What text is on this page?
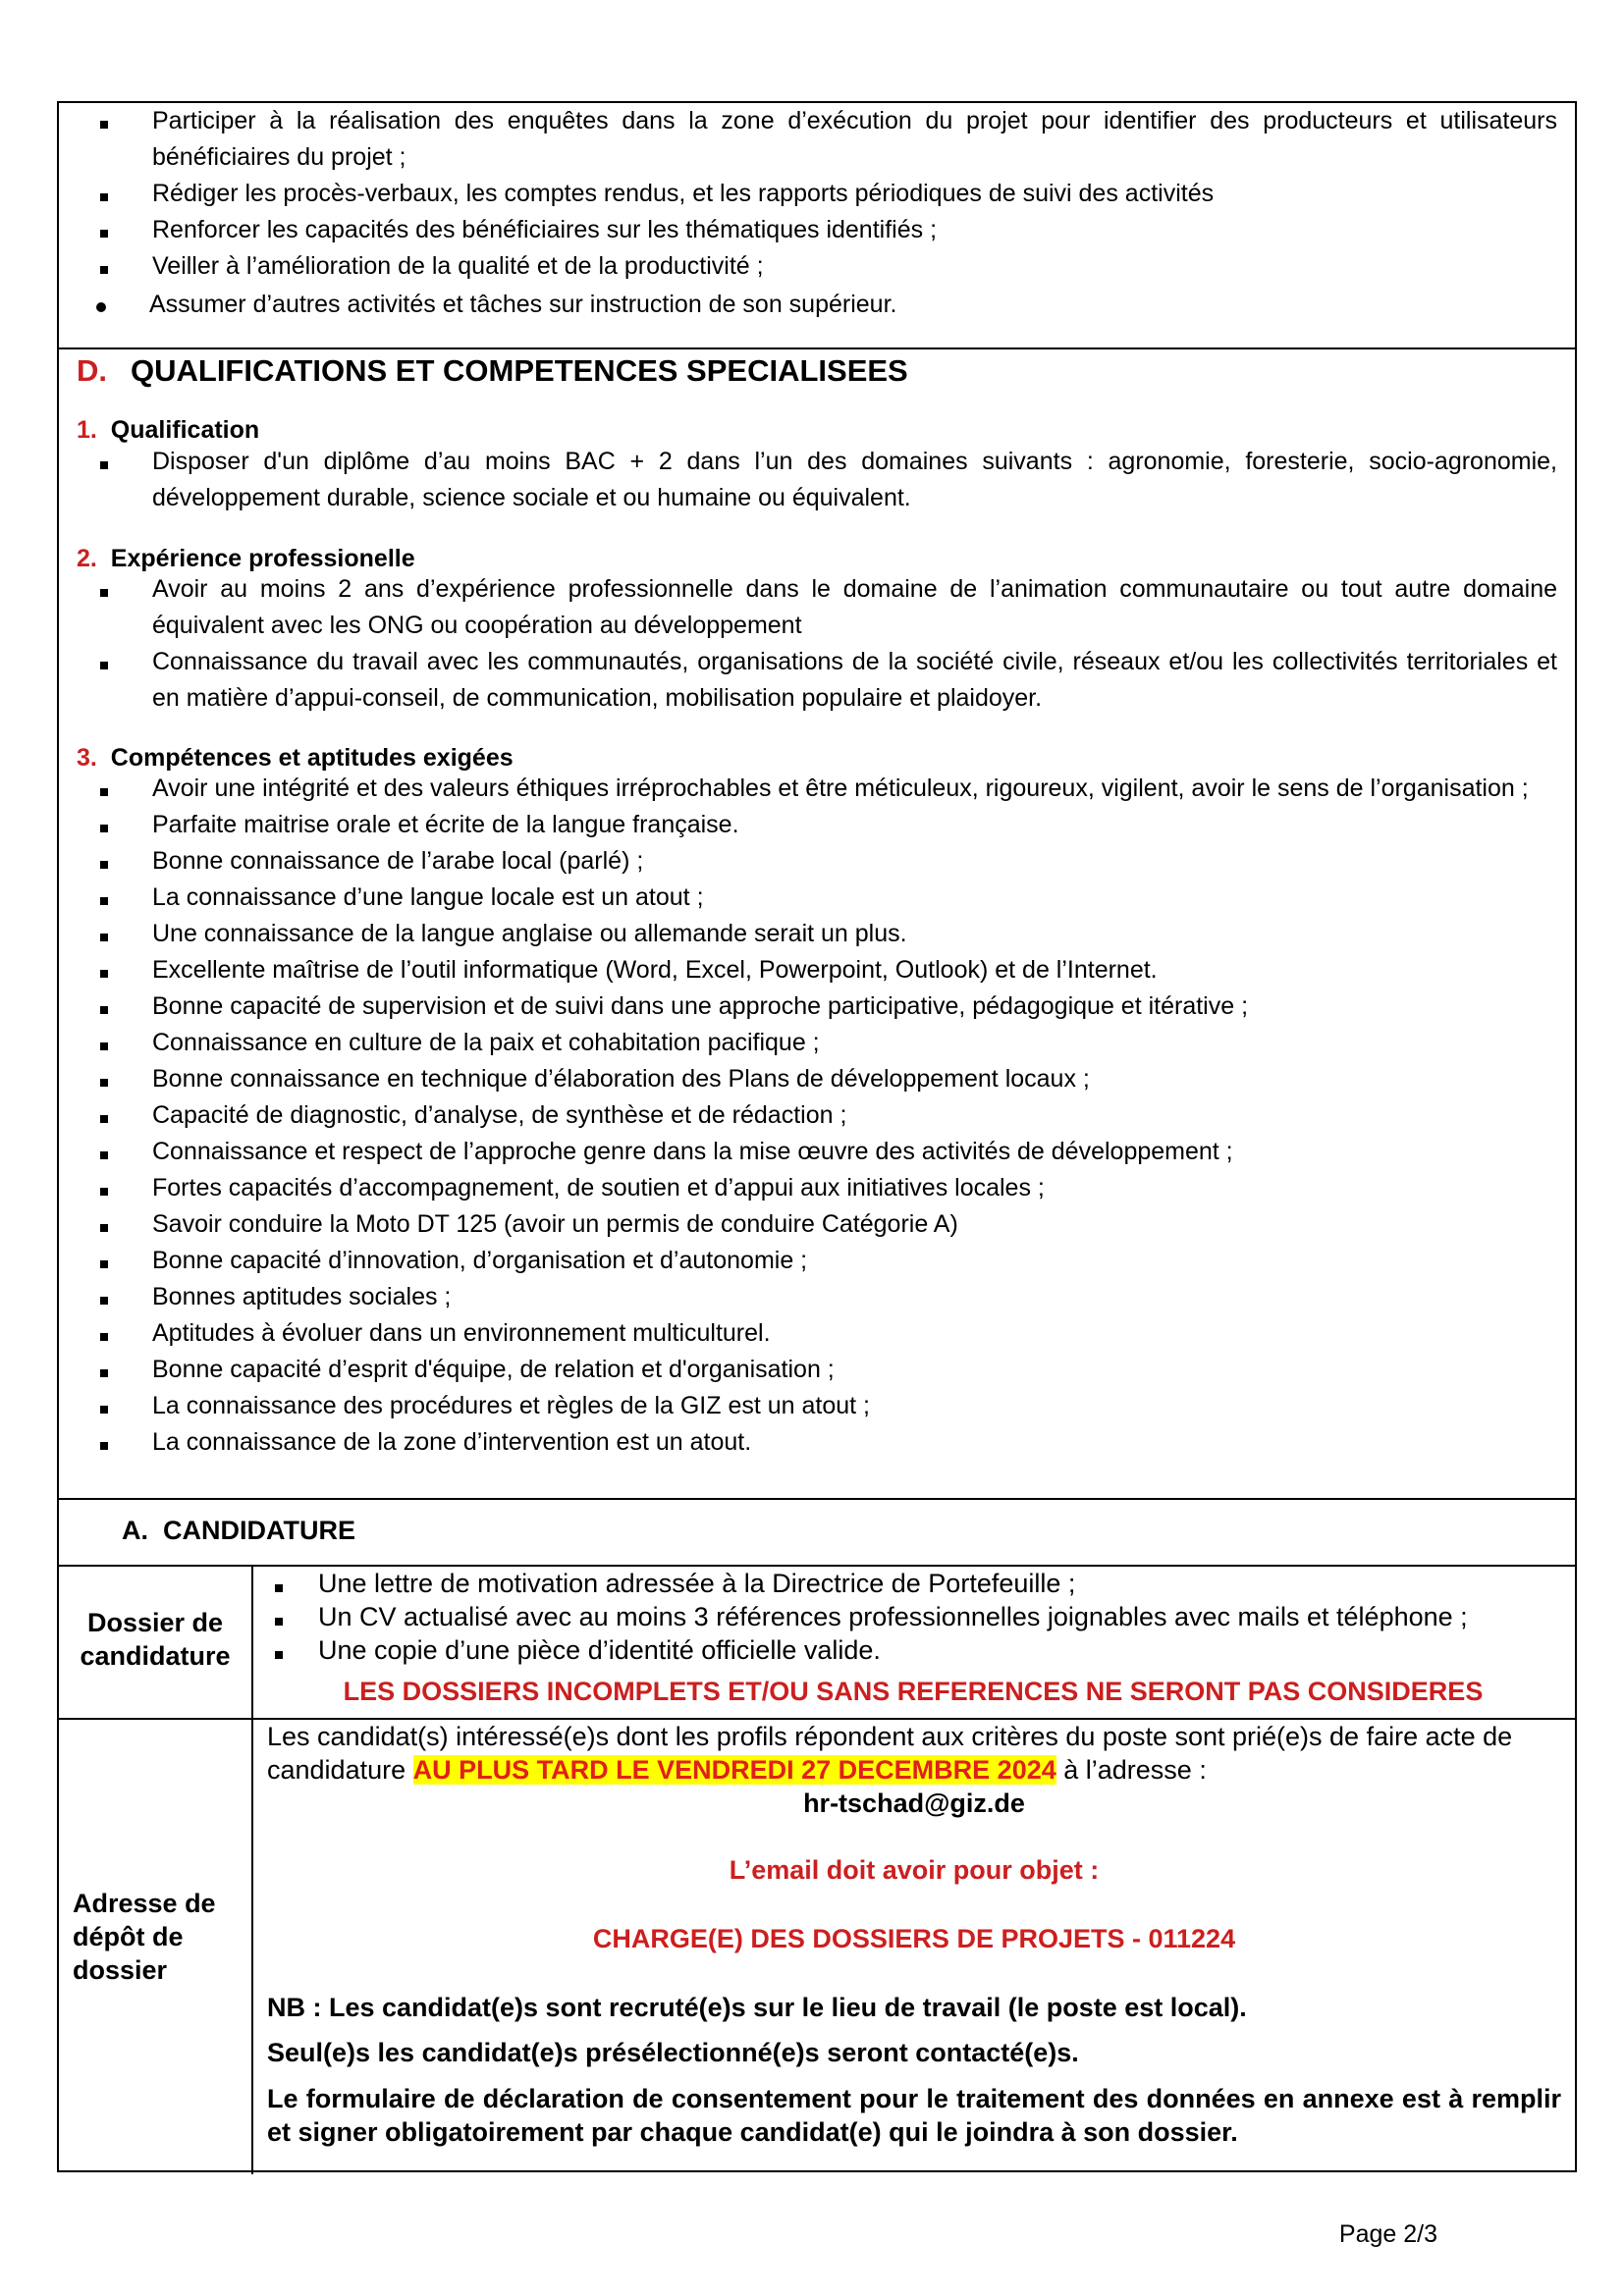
Participer à la réalisation des enquêtes dans la zone d’exécution du projet pour identifier des producteurs et utilisateurs bénéficiaires du projet ;
Rédiger les procès-verbaux, les comptes rendus, et les rapports périodiques de suivi des activités
Renforcer les capacités des bénéficiaires sur les thématiques identifiés ;
Veiller à l’amélioration de la qualité et de la productivité ;
Assumer d’autres activités et tâches sur instruction de son supérieur.
D. QUALIFICATIONS ET COMPETENCES SPECIALISEES
1. Qualification
Disposer d'un diplôme d’au moins BAC + 2 dans l’un des domaines suivants : agronomie, foresterie, socio-agronomie, développement durable, science sociale et ou humaine ou équivalent.
2. Expérience professionelle
Avoir au moins 2 ans d’expérience professionnelle dans le domaine de l’animation communautaire ou tout autre domaine équivalent avec les ONG ou coopération au développement
Connaissance du travail avec les communautés, organisations de la société civile, réseaux et/ou les collectivités territoriales et en matière d’appui-conseil, de communication, mobilisation populaire et plaidoyer.
3. Compétences et aptitudes exigées
Avoir une intégrité et des valeurs éthiques irréprochables et être méticuleux, rigoureux, vigilent, avoir le sens de l’organisation ;
Parfaite maitrise orale et écrite de la langue française.
Bonne connaissance de l’arabe local (parlé) ;
La connaissance d’une langue locale est un atout ;
Une connaissance de la langue anglaise ou allemande serait un plus.
Excellente maîtrise de l’outil informatique (Word, Excel, Powerpoint, Outlook) et de l’Internet.
Bonne capacité de supervision et de suivi dans une approche participative, pédagogique et itérative ;
Connaissance en culture de la paix et cohabitation pacifique ;
Bonne connaissance en technique d’élaboration des Plans de développement locaux ;
Capacité de diagnostic, d’analyse, de synthèse et de rédaction ;
Connaissance et respect de l’approche genre dans la mise œuvre des activités de développement ;
Fortes capacités d’accompagnement, de soutien et d’appui aux initiatives locales ;
Savoir conduire la Moto DT 125 (avoir un permis de conduire Catégorie A)
Bonne capacité d’innovation, d’organisation et d’autonomie ;
Bonnes aptitudes sociales ;
Aptitudes à évoluer dans un environnement multiculturel.
Bonne capacité d’esprit d'équipe, de relation et d'organisation ;
La connaissance des procédures et règles de la GIZ est un atout ;
La connaissance de la zone d’intervention est un atout.
A.  CANDIDATURE
Dossier de candidature
Une lettre de motivation adressée à la Directrice de Portefeuille ;
Un CV actualisé avec au moins 3 références professionnelles joignables avec mails et téléphone ;
Une copie d’une pièce d’identité officielle valide.
LES DOSSIERS INCOMPLETS ET/OU SANS REFERENCES NE SERONT PAS CONSIDERES
Adresse de dépôt de dossier
Les candidat(s) intéressé(e)s dont les profils répondent aux critères du poste sont prié(e)s de faire acte de candidature AU PLUS TARD LE VENDREDI 27 DECEMBRE 2024 à l’adresse :
hr-tschad@giz.de
L’email doit avoir pour objet :
CHARGE(E) DES DOSSIERS DE PROJETS - 011224
NB : Les candidat(e)s sont recruté(e)s sur le lieu de travail (le poste est local).
Seul(e)s les candidat(e)s présélectionné(e)s seront contacté(e)s.
Le formulaire de déclaration de consentement pour le traitement des données en annexe est à remplir et signer obligatoirement par chaque candidat(e) qui le joindra à son dossier.
Page 2/3
